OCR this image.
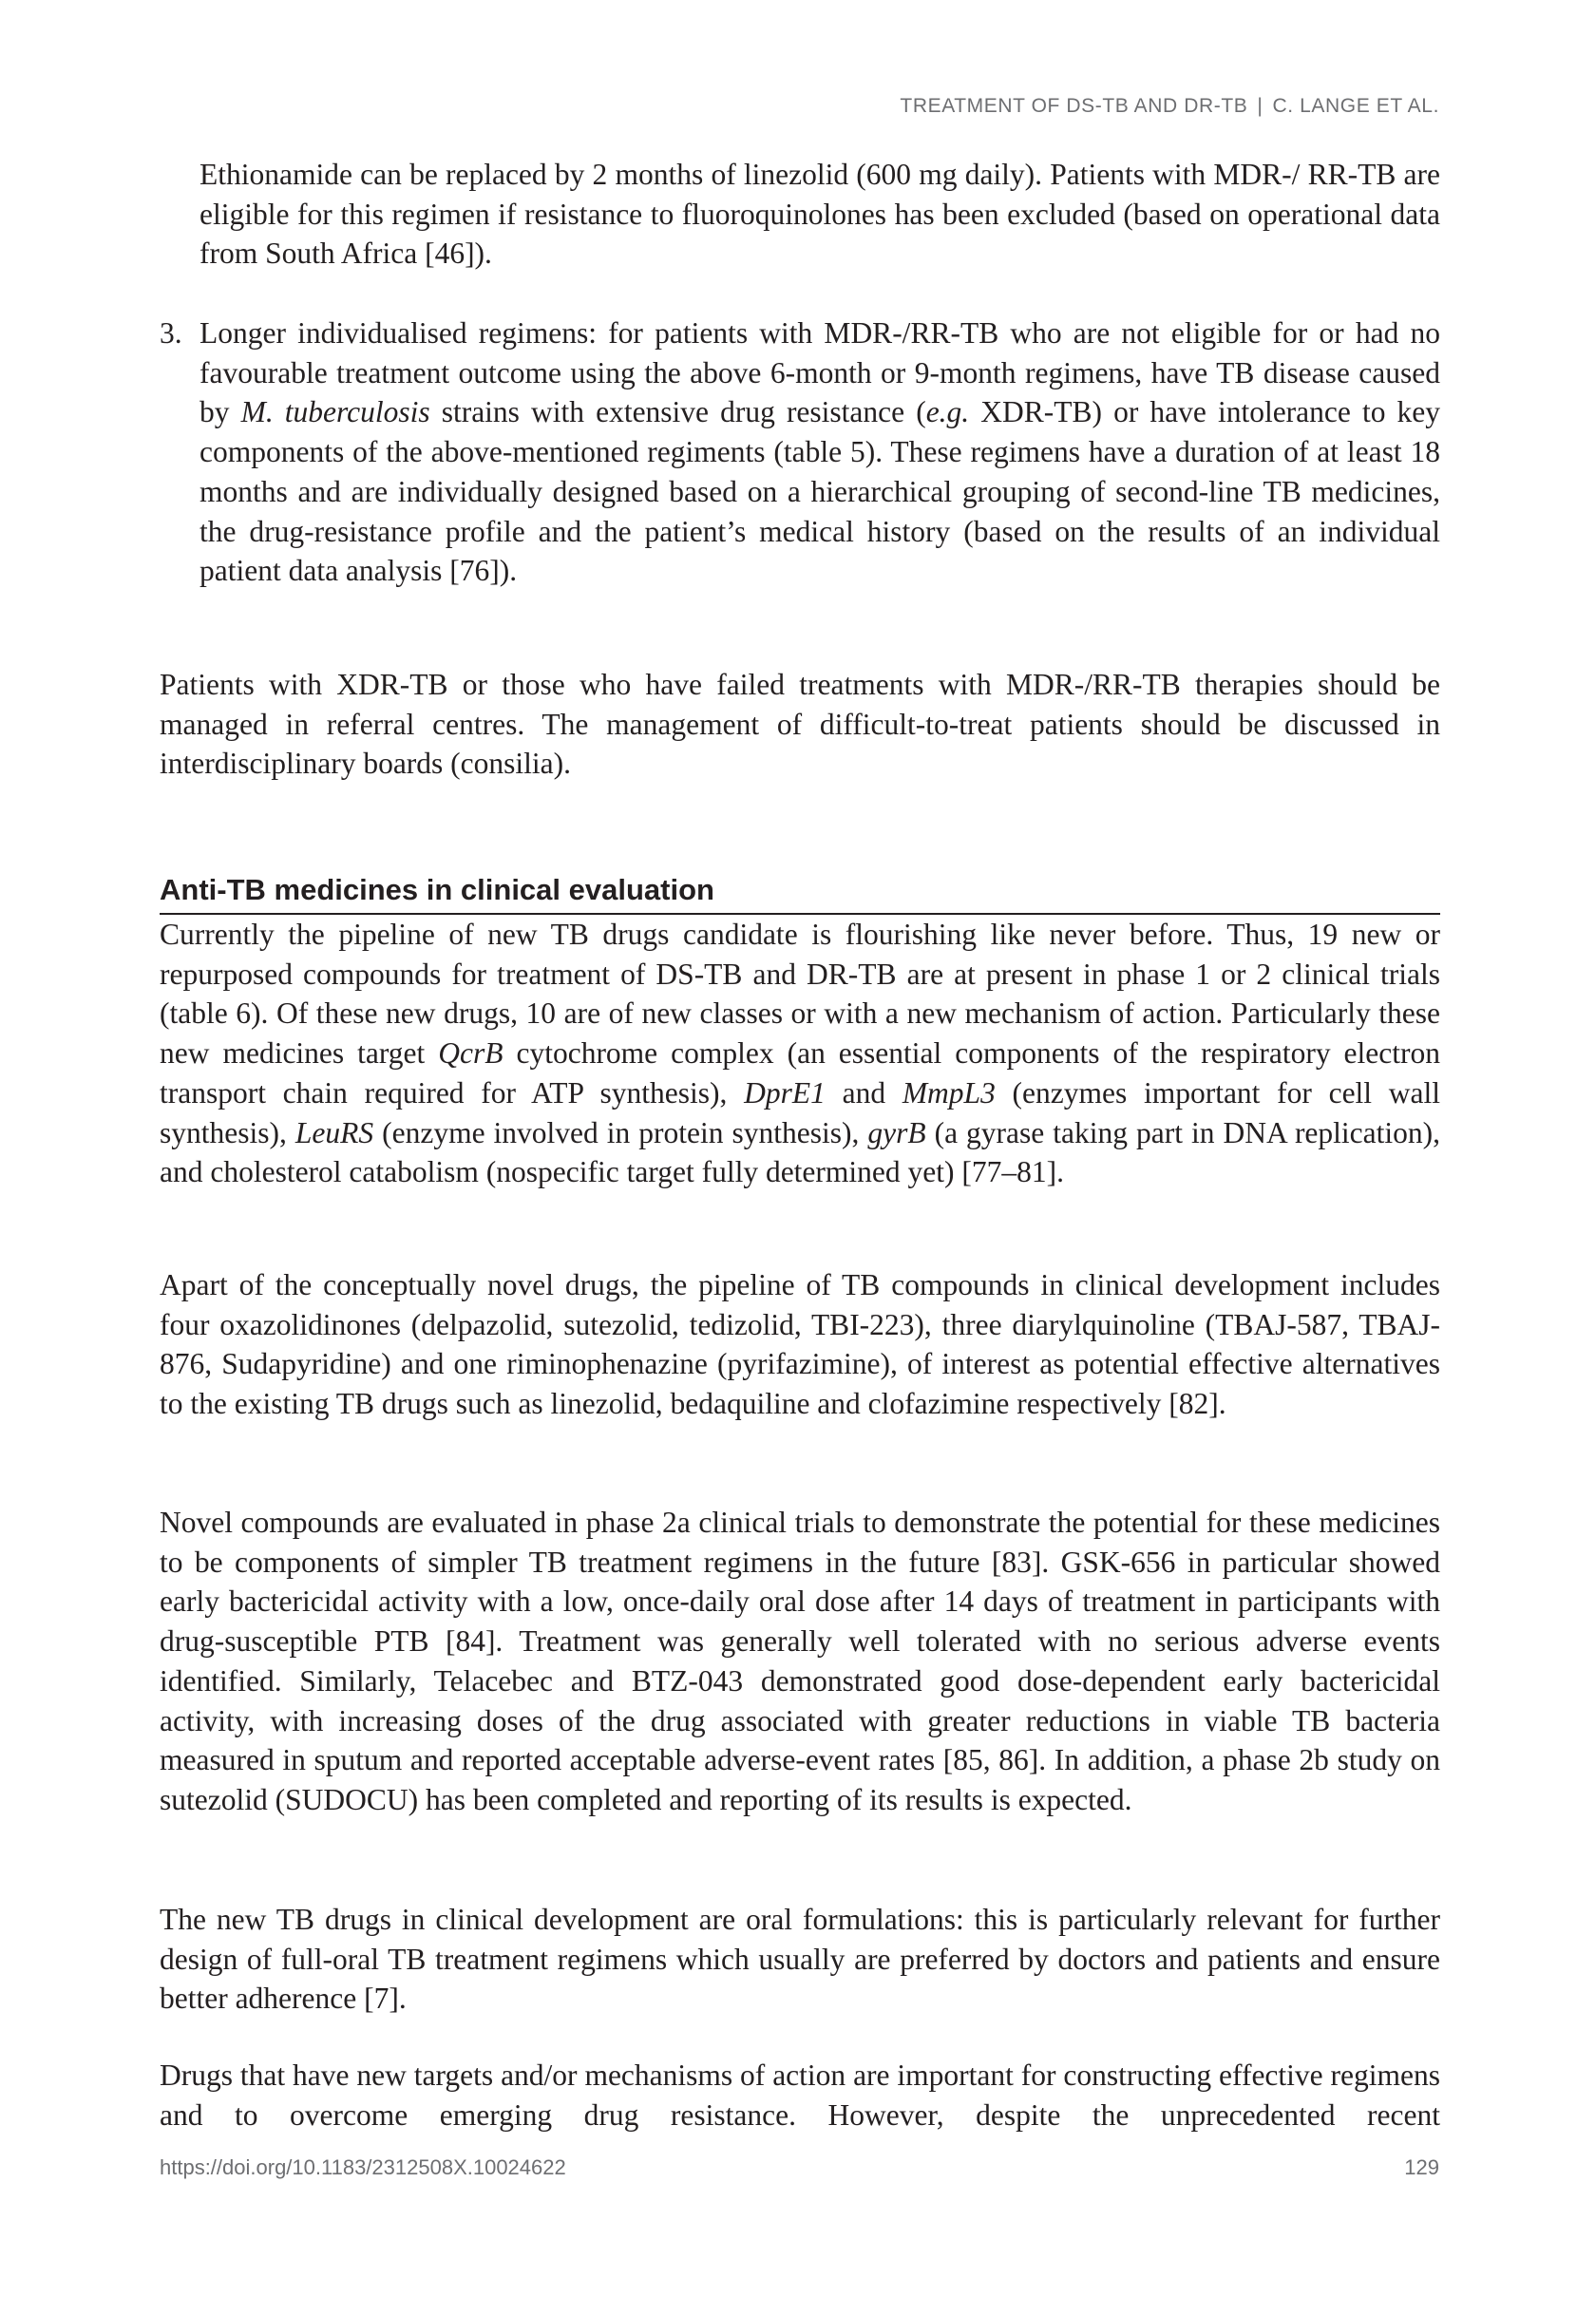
TREATMENT OF DS-TB AND DR-TB | C. LANGE ET AL.

Ethionamide can be replaced by 2 months of linezolid (600 mg daily). Patients with MDR-/ RR-TB are eligible for this regimen if resistance to fluoroquinolones has been excluded (based on operational data from South Africa [46]).

3. Longer individualised regimens: for patients with MDR-/RR-TB who are not eligible for or had no favourable treatment outcome using the above 6-month or 9-month regimens, have TB disease caused by M. tuberculosis strains with extensive drug resistance (e.g. XDR-TB) or have intolerance to key components of the above-mentioned regiments (table 5). These regimens have a duration of at least 18 months and are individually designed based on a hierarchical grouping of second-line TB medicines, the drug-resistance profile and the patient’s medical history (based on the results of an individual patient data analysis [76]).

Patients with XDR-TB or those who have failed treatments with MDR-/RR-TB therapies should be managed in referral centres. The management of difficult-to-treat patients should be discussed in interdisciplinary boards (consilia).

Anti-TB medicines in clinical evaluation

Currently the pipeline of new TB drugs candidate is flourishing like never before. Thus, 19 new or repurposed compounds for treatment of DS-TB and DR-TB are at present in phase 1 or 2 clinical trials (table 6). Of these new drugs, 10 are of new classes or with a new mechanism of action. Particularly these new medicines target QcrB cytochrome complex (an essential components of the respiratory electron transport chain required for ATP synthesis), DprE1 and MmpL3 (enzymes important for cell wall synthesis), LeuRS (enzyme involved in protein synthesis), gyrB (a gyrase taking part in DNA replication), and cholesterol catabolism (nospecific target fully determined yet) [77–81].

Apart of the conceptually novel drugs, the pipeline of TB compounds in clinical development includes four oxazolidinones (delpazolid, sutezolid, tedizolid, TBI-223), three diarylquinoline (TBAJ-587, TBAJ-876, Sudapyridine) and one riminophenazine (pyrifazimine), of interest as potential effective alternatives to the existing TB drugs such as linezolid, bedaquiline and clofazimine respectively [82].

Novel compounds are evaluated in phase 2a clinical trials to demonstrate the potential for these medicines to be components of simpler TB treatment regimens in the future [83]. GSK-656 in particular showed early bactericidal activity with a low, once-daily oral dose after 14 days of treatment in participants with drug-susceptible PTB [84]. Treatment was generally well tolerated with no serious adverse events identified. Similarly, Telacebec and BTZ-043 demonstrated good dose-dependent early bactericidal activity, with increasing doses of the drug associated with greater reductions in viable TB bacteria measured in sputum and reported acceptable adverse-event rates [85, 86]. In addition, a phase 2b study on sutezolid (SUDOCU) has been completed and reporting of its results is expected.

The new TB drugs in clinical development are oral formulations: this is particularly relevant for further design of full-oral TB treatment regimens which usually are preferred by doctors and patients and ensure better adherence [7].

Drugs that have new targets and/or mechanisms of action are important for constructing effective regimens and to overcome emerging drug resistance. However, despite the unprecedented recent

https://doi.org/10.1183/2312508X.10024622	129
